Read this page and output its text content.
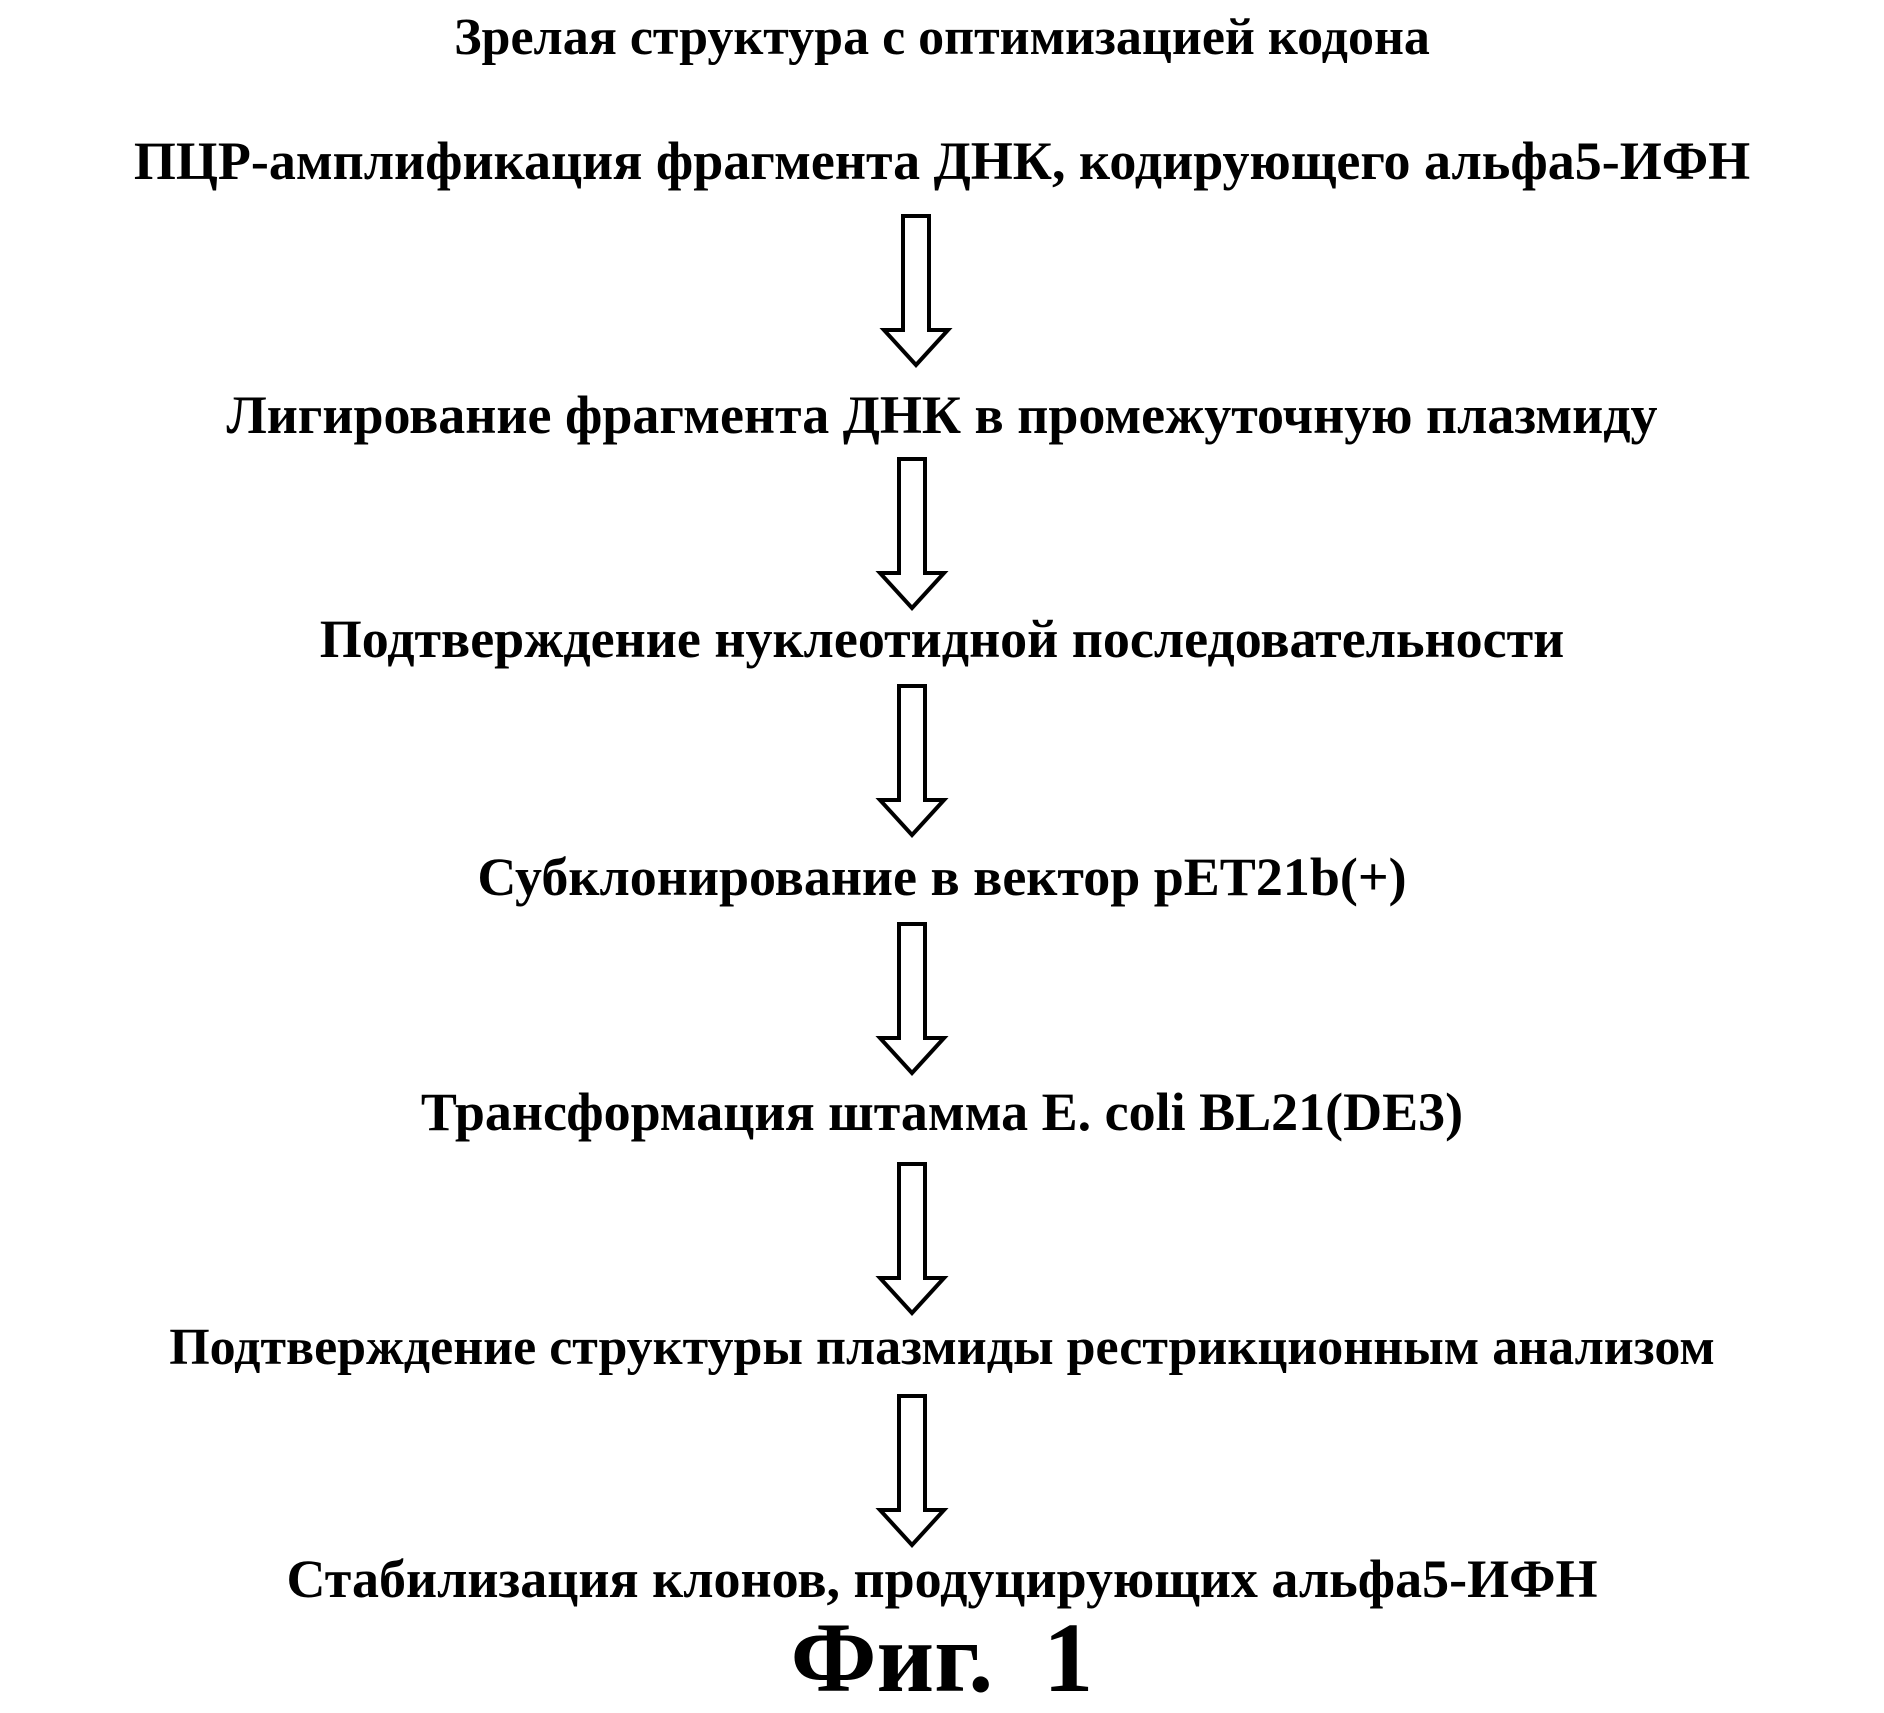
Зрелая структура с оптимизацией кодона
ПЦР-амплификация фрагмента ДНК, кодирующего альфа5-ИФН
Лигирование фрагмента ДНК в промежуточную плазмиду
Подтверждение нуклеотидной последовательности
Субклонирование в вектор pET21b(+)
Трансформация штамма E. coli BL21(DE3)
Подтверждение структуры плазмиды рестрикционным анализом
Стабилизация клонов, продуцирующих альфа5-ИФН
Фиг.  1
